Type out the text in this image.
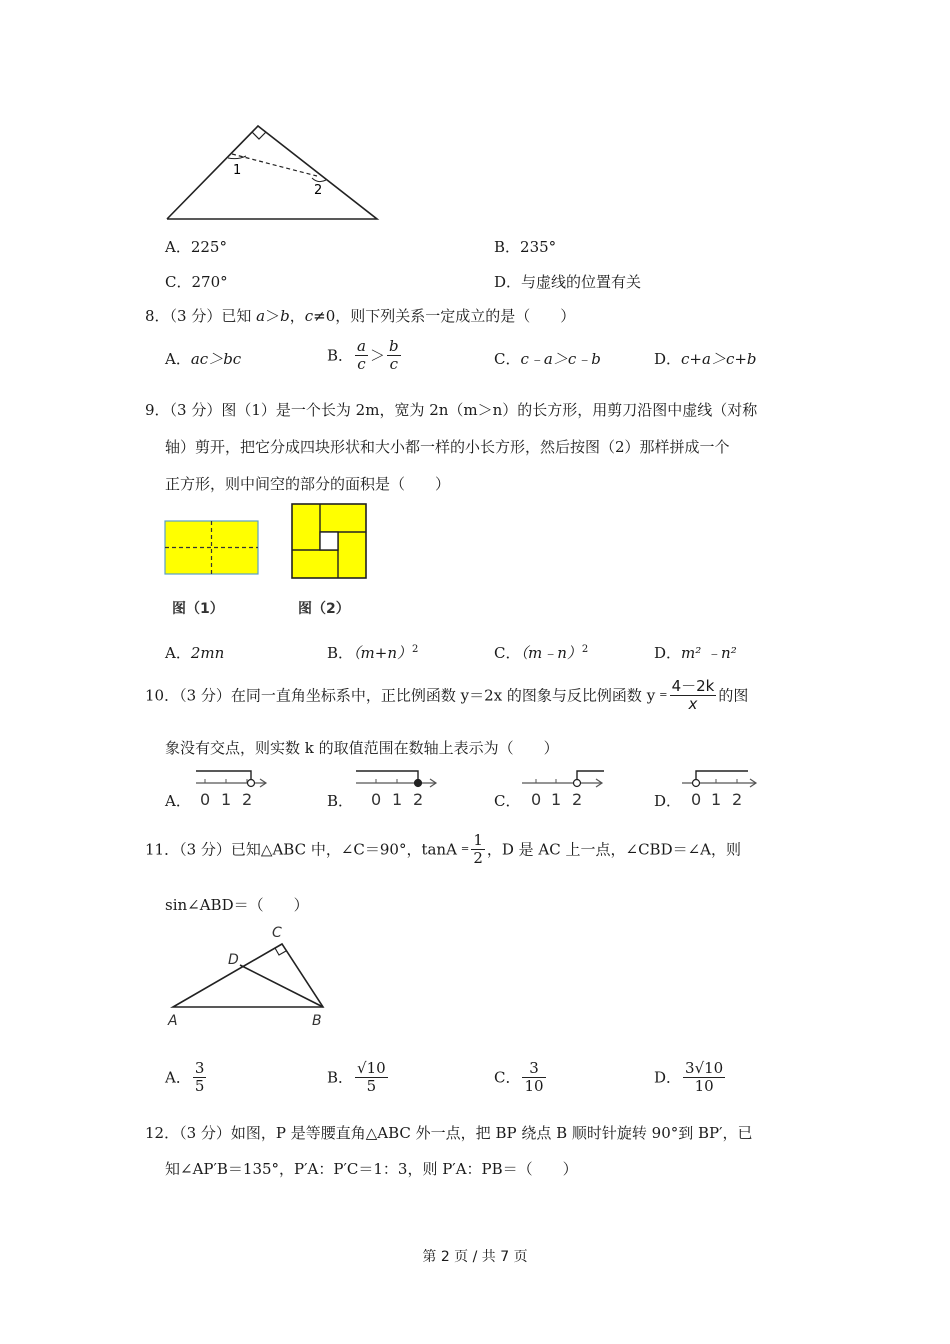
1
2
A．225°	B．235°
C．270°	D．与虚线的位置有关
8．（3 分）已知 a＞b，c≠0，则下列关系一定成立的是（　　）
A．ac＞bc	B． $\frac{a}{c} > \frac{b}{c}$	C．c﹣a＞c﹣b	D．c+a＞c+b
9．（3 分）图（1）是一个长为 2m，宽为 2n（m＞n）的长方形，用剪刀沿图中虚线（对称
轴）剪开，把它分成四块形状和大小都一样的小长方形，然后按图（2）那样拼成一个
正方形，则中间空的部分的面积是（　　）
图（1）	图（2）
A．2mn	B．$(m+n)^2$	C．（m﹣n）$^2$	D．m² ﹣n²
10．（3 分）在同一直角坐标系中，正比例函数 y＝2x 的图象与反比例函数 $y = \frac{4-2k}{x}$ 的图
象没有交点，则实数 k 的取值范围在数轴上表示为（　　）
A． 0 1 2	B． 0 1 2	C． 0 1 2	D． 0 1 2
11．（3 分）已知△ABC 中，∠C＝90°，$\tan A = \frac{1}{2}$ ，D 是 AC 上一点，∠CBD＝∠A，则
sin∠ABD＝（　　）
A	B
C
D
A． $\frac{3}{5}$	B． $\frac{√10}{5}$	C． $\frac{3}{10}$	D． $\frac{3√10}{10}$
12．（3 分）如图，P 是等腰直角△ABC 外一点，把 BP 绕点 B 顺时针旋转 90°到 BP′，已
知∠AP′B＝135°，P′A：P′C＝1：3，则 P′A：PB＝（　　）
第 2 页 / 共 7 页
